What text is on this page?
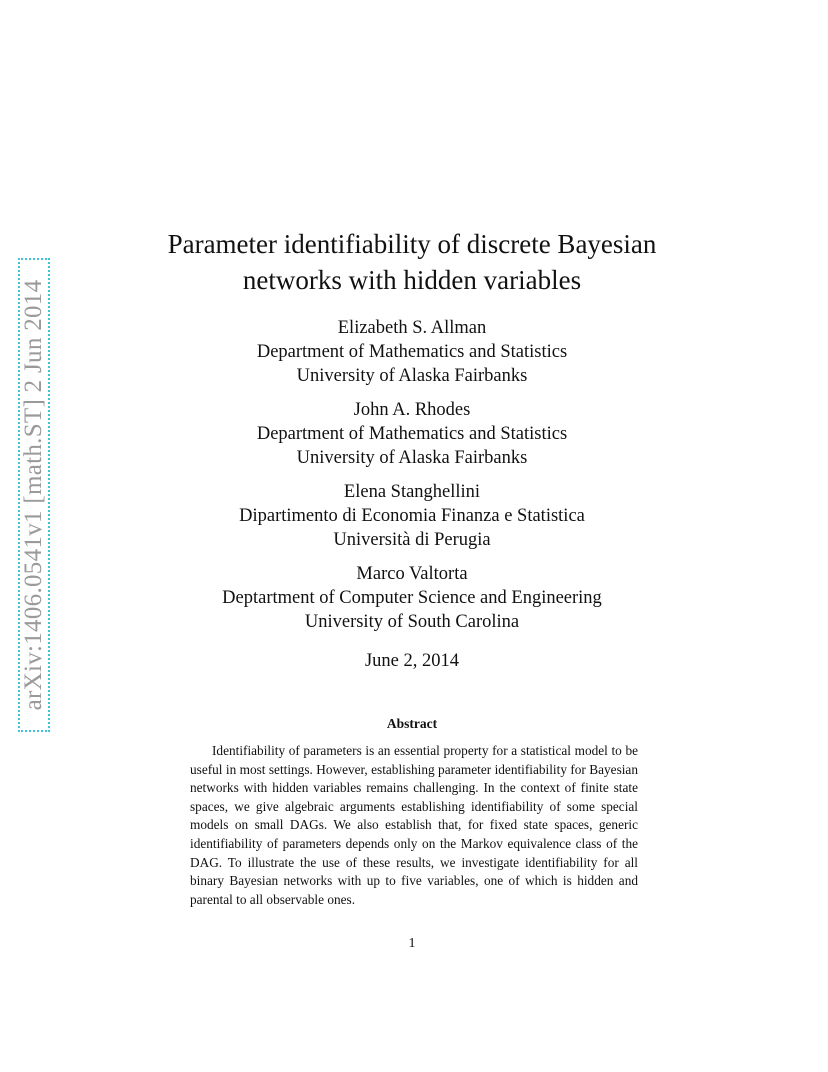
arXiv:1406.0541v1 [math.ST] 2 Jun 2014
Parameter identifiability of discrete Bayesian
networks with hidden variables
Elizabeth S. Allman
Department of Mathematics and Statistics
University of Alaska Fairbanks
John A. Rhodes
Department of Mathematics and Statistics
University of Alaska Fairbanks
Elena Stanghellini
Dipartimento di Economia Finanza e Statistica
Università di Perugia
Marco Valtorta
Deptartment of Computer Science and Engineering
University of South Carolina
June 2, 2014
Abstract

Identifiability of parameters is an essential property for a statistical model to be useful in most settings. However, establishing parameter identifiability for Bayesian networks with hidden variables remains challenging. In the context of finite state spaces, we give algebraic arguments establishing identifiability of some special models on small DAGs. We also establish that, for fixed state spaces, generic identifiability of parameters depends only on the Markov equivalence class of the DAG. To illustrate the use of these results, we investigate identifiability for all binary Bayesian networks with up to five variables, one of which is hidden and parental to all observable ones.

1
